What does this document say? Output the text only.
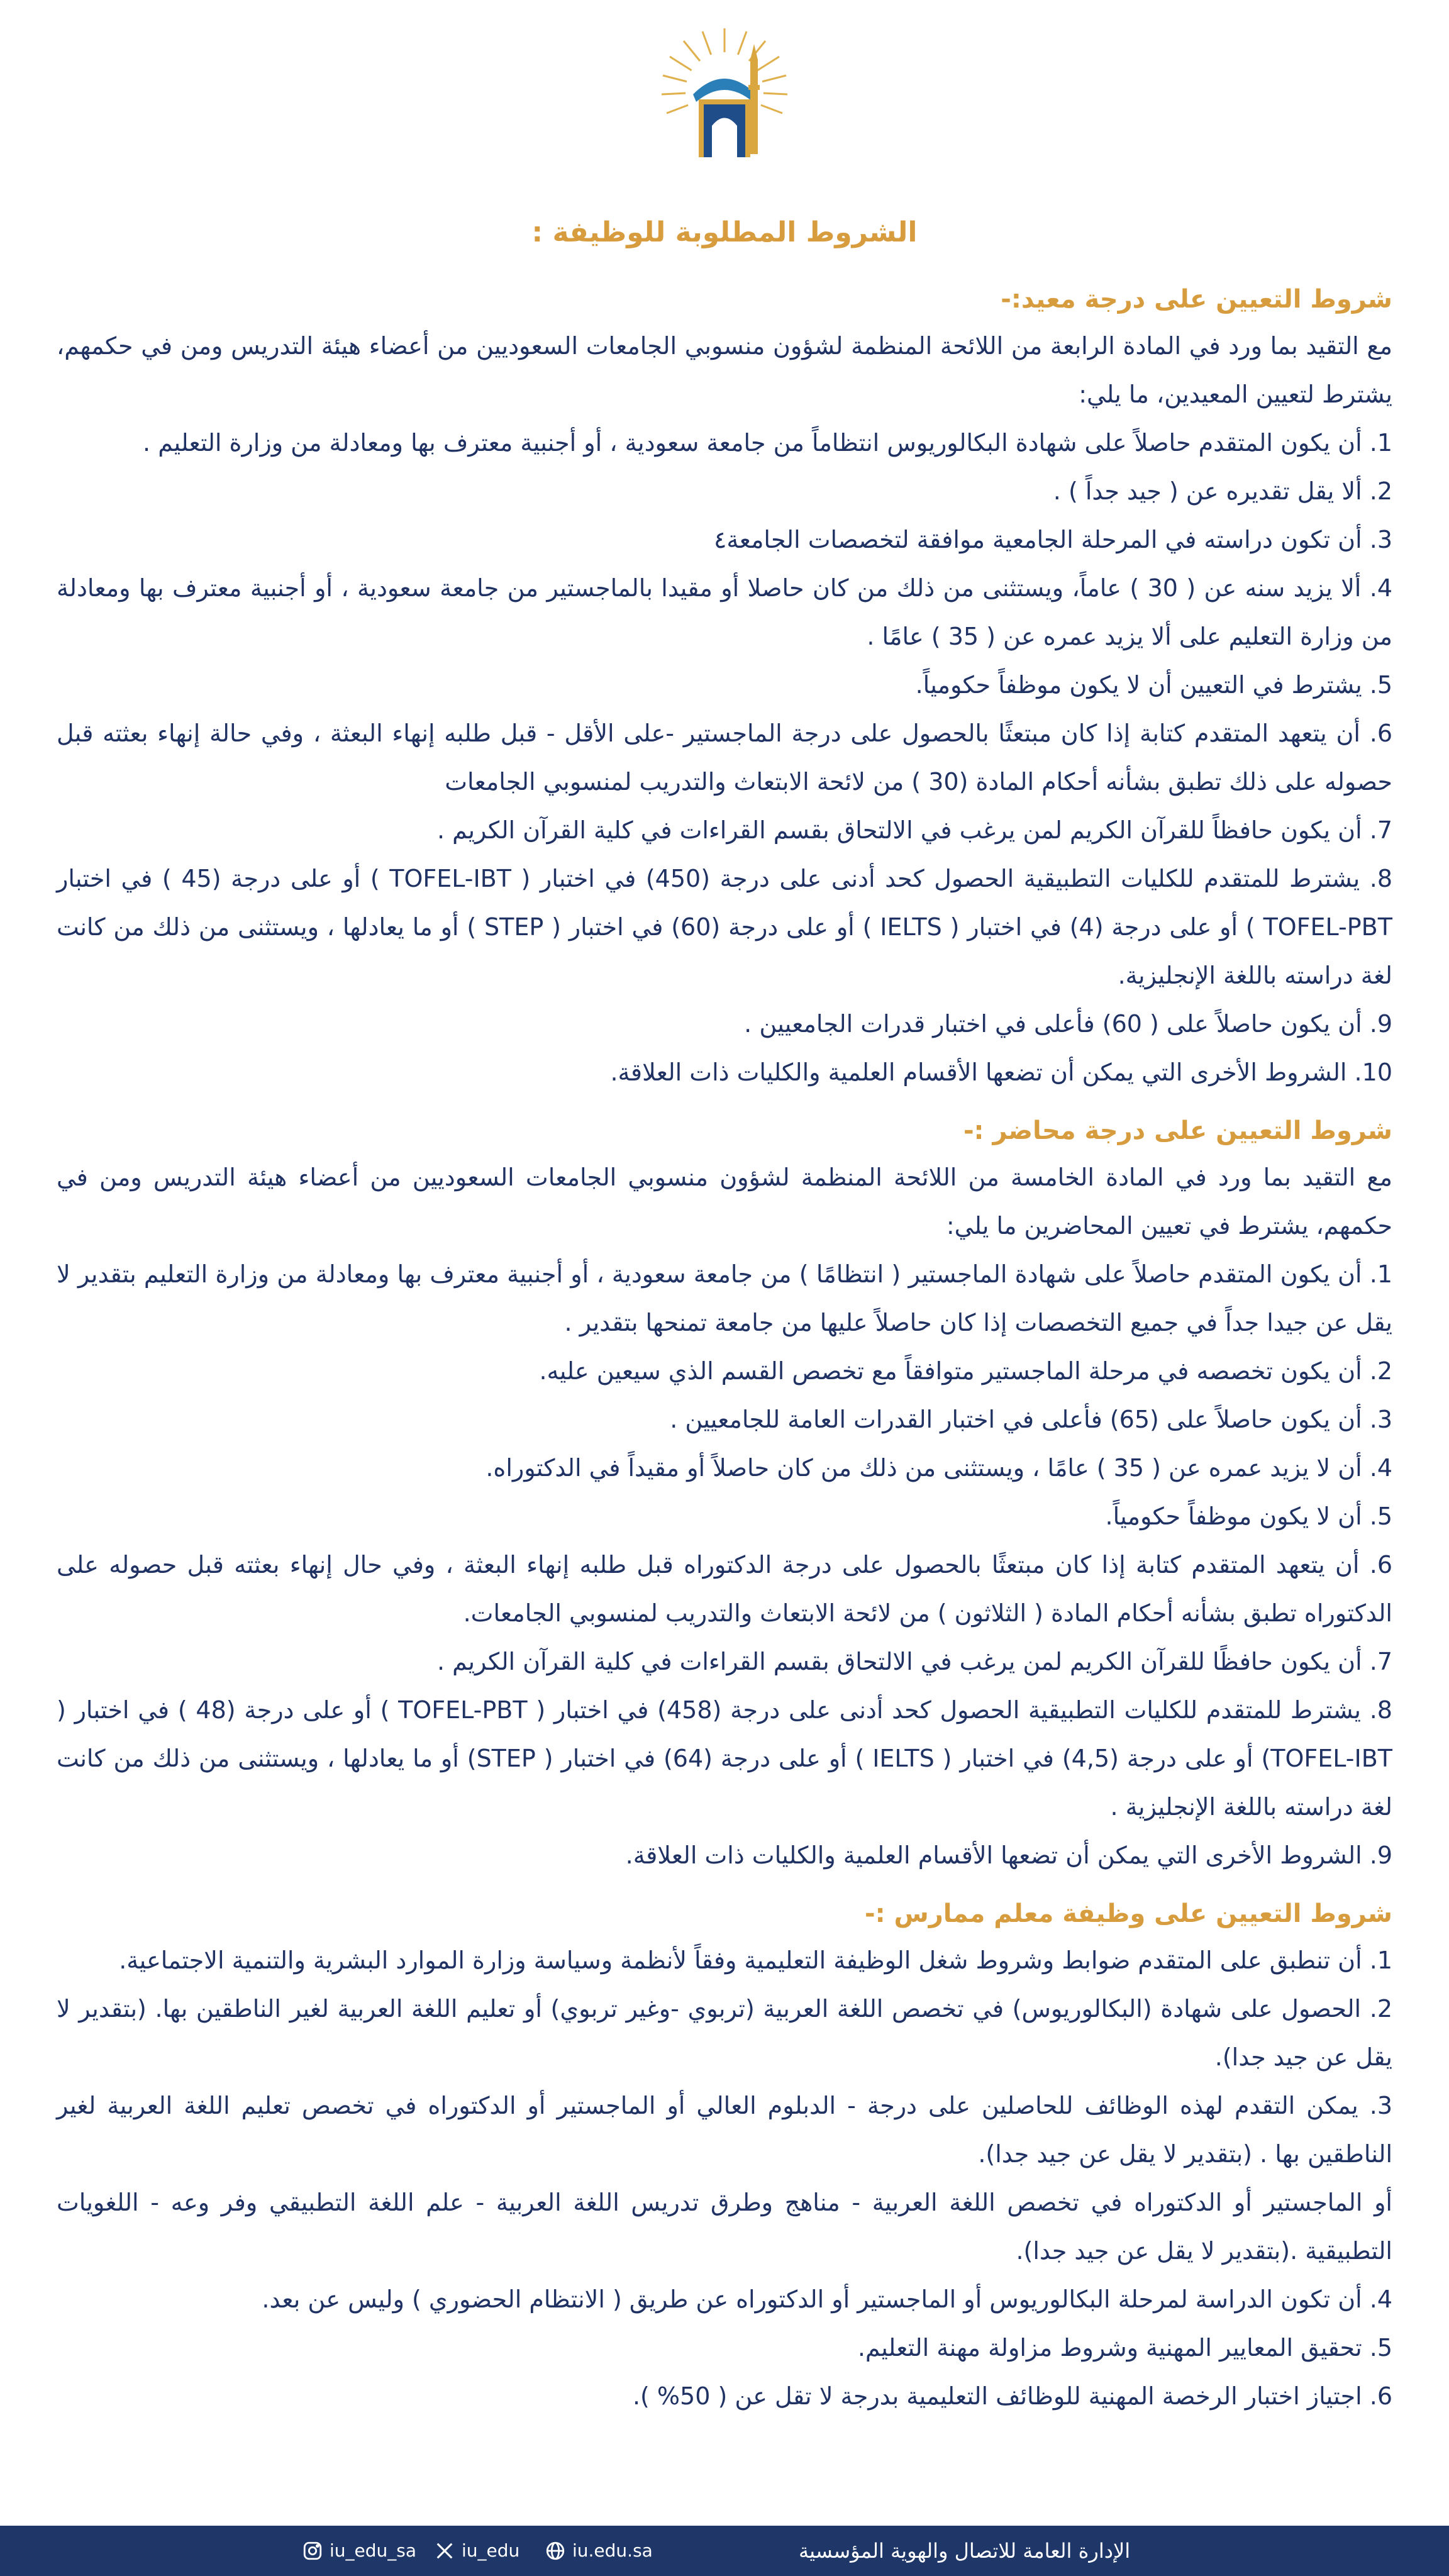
الشروط المطلوبة للوظيفة :
شروط التعيين على درجة معيد:-

مع التقيد بما ورد في المادة الرابعة من اللائحة المنظمة لشؤون منسوبي الجامعات السعوديين من أعضاء هيئة التدريس ومن في حكمهم، يشترط لتعيين المعيدين، ما يلي:

1. أن يكون المتقدم حاصلاً على شهادة البكالوريوس انتظاماً من جامعة سعودية ، أو أجنبية معترف بها ومعادلة من وزارة التعليم .
2. ألا يقل تقديره عن ( جيد جداً ) .
3. أن تكون دراسته في المرحلة الجامعية موافقة لتخصصات الجامعة٤
4. ألا يزيد سنه عن ( 30 ) عاماً، ويستثنى من ذلك من كان حاصلا أو مقيدا بالماجستير من جامعة سعودية ، أو أجنبية معترف بها ومعادلة من وزارة التعليم على ألا يزيد عمره عن ( 35 ) عامًا .
5. يشترط في التعيين أن لا يكون موظفاً حكومياً.
6. أن يتعهد المتقدم كتابة إذا كان مبتعثًا بالحصول على درجة الماجستير -على الأقل - قبل طلبه إنهاء البعثة ، وفي حالة إنهاء بعثته قبل حصوله على ذلك تطبق بشأنه أحكام المادة (30 ) من لائحة الابتعاث والتدريب لمنسوبي الجامعات
7. أن يكون حافظاً للقرآن الكريم لمن يرغب في الالتحاق بقسم القراءات في كلية القرآن الكريم .
8. يشترط للمتقدم للكليات التطبيقية الحصول كحد أدنى على درجة (450) في اختبار ( TOFEL-IBT ) أو على درجة (45 ) في اختبار TOFEL-PBT ) أو على درجة (4) في اختبار ( IELTS ) أو على درجة (60) في اختبار ( STEP ) أو ما يعادلها ، ويستثنى من ذلك من كانت لغة دراسته باللغة الإنجليزية.
9. أن يكون حاصلاً على ( 60) فأعلى في اختبار قدرات الجامعيين .
10. الشروط الأخرى التي يمكن أن تضعها الأقسام العلمية والكليات ذات العلاقة.
شروط التعيين على درجة محاضر :-

مع التقيد بما ورد في المادة الخامسة من اللائحة المنظمة لشؤون منسوبي الجامعات السعوديين من أعضاء هيئة التدريس ومن في حكمهم، يشترط في تعيين المحاضرين ما يلي:

1. أن يكون المتقدم حاصلاً على شهادة الماجستير ( انتظامًا ) من جامعة سعودية ، أو أجنبية معترف بها ومعادلة من وزارة التعليم بتقدير لا يقل عن جيدا جداً في جميع التخصصات إذا كان حاصلاً عليها من جامعة تمنحها بتقدير .
2. أن يكون تخصصه في مرحلة الماجستير متوافقاً مع تخصص القسم الذي سيعين عليه.
3. أن يكون حاصلاً على (65) فأعلى في اختبار القدرات العامة للجامعيين .
4. أن لا يزيد عمره عن ( 35 ) عامًا ، ويستثنى من ذلك من كان حاصلاً أو مقيداً في الدكتوراه.
5. أن لا يكون موظفاً حكومياً.
6. أن يتعهد المتقدم كتابة إذا كان مبتعثًا بالحصول على درجة الدكتوراه قبل طلبه إنهاء البعثة ، وفي حال إنهاء بعثته قبل حصوله على الدكتوراه تطبق بشأنه أحكام المادة ( الثلاثون ) من لائحة الابتعاث والتدريب لمنسوبي الجامعات.
7. أن يكون حافظًا للقرآن الكريم لمن يرغب في الالتحاق بقسم القراءات في كلية القرآن الكريم .
8. يشترط للمتقدم للكليات التطبيقية الحصول كحد أدنى على درجة (458) في اختبار ( TOFEL-PBT ) أو على درجة (48 ) في اختبار ( TOFEL-IBT) أو على درجة (4,5) في اختبار ( IELTS ) أو على درجة (64) في اختبار ( STEP) أو ما يعادلها ، ويستثنى من ذلك من كانت لغة دراسته باللغة الإنجليزية .
9. الشروط الأخرى التي يمكن أن تضعها الأقسام العلمية والكليات ذات العلاقة.
شروط التعيين على وظيفة معلم ممارس :-
1. أن تنطبق على المتقدم ضوابط وشروط شغل الوظيفة التعليمية وفقاً لأنظمة وسياسة وزارة الموارد البشرية والتنمية الاجتماعية.
2. الحصول على شهادة (البكالوريوس) في تخصص اللغة العربية (تربوي -وغير تربوي) أو تعليم اللغة العربية لغير الناطقين بها. (بتقدير لا يقل عن جيد جدا).
3. يمكن التقدم لهذه الوظائف للحاصلين على درجة - الدبلوم العالي أو الماجستير أو الدكتوراه في تخصص تعليم اللغة العربية لغير الناطقين بها . (بتقدير لا يقل عن جيد جدا).
أو الماجستير أو الدكتوراه في تخصص اللغة العربية - مناهج وطرق تدريس اللغة العربية - علم اللغة التطبيقي وفر وعه - اللغويات التطبيقية .(بتقدير لا يقل عن جيد جدا).
4. أن تكون الدراسة لمرحلة البكالوريوس أو الماجستير أو الدكتوراه عن طريق ( الانتظام الحضوري ) وليس عن بعد.
5. تحقيق المعايير المهنية وشروط مزاولة مهنة التعليم.
6. اجتياز اختبار الرخصة المهنية للوظائف التعليمية بدرجة لا تقل عن ( 50% ).
iu_edu_sa	iu_edu	iu.edu.sa	الإدارة العامة للاتصال والهوية المؤسسية
